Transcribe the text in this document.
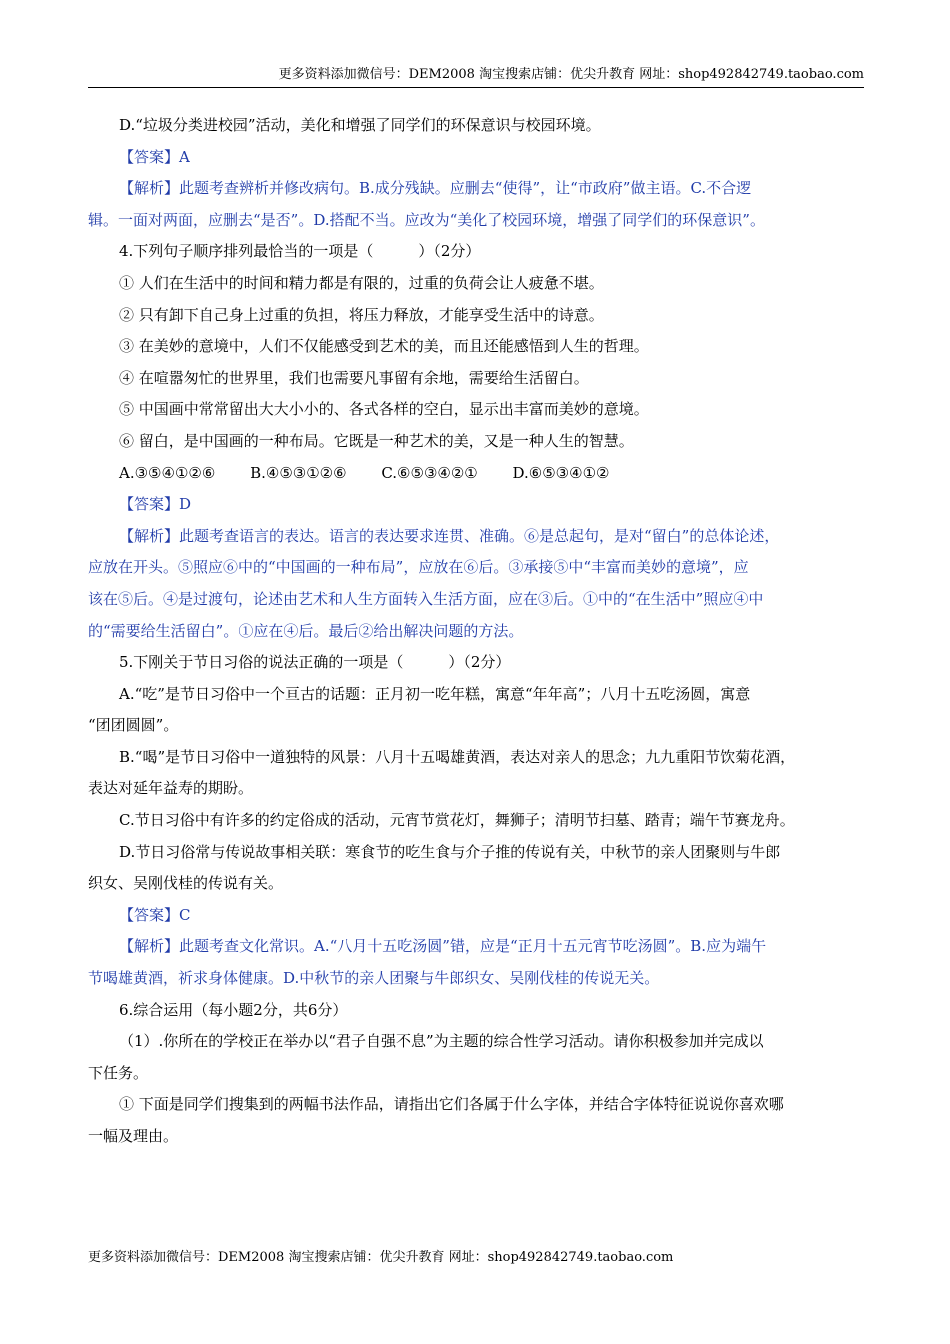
更多资料添加微信号：DEM2008 淘宝搜索店铺：优尖升教育 网址：shop492842749.taobao.com
D.“垃圾分类进校园”活动，美化和增强了同学们的环保意识与校园环境。
【答案】A
【解析】此题考查辨析并修改病句。B.成分残缺。应删去“使得”，让“市政府”做主语。C.不合逻
辑。一面对两面，应删去“是否”。D.搭配不当。应改为“美化了校园环境，增强了同学们的环保意识”。
4.下列句子顺序排列最恰当的一项是（　　　）（2分）
① 人们在生活中的时间和精力都是有限的，过重的负荷会让人疲惫不堪。
② 只有卸下自己身上过重的负担，将压力释放，才能享受生活中的诗意。
③ 在美妙的意境中，人们不仅能感受到艺术的美，而且还能感悟到人生的哲理。
④ 在喧嚣匆忙的世界里，我们也需要凡事留有余地，需要给生活留白。
⑤ 中国画中常常留出大大小小的、各式各样的空白，显示出丰富而美妙的意境。
⑥ 留白，是中国画的一种布局。它既是一种艺术的美，又是一种人生的智慧。
A.③⑤④①②⑥ B.④⑤③①②⑥ C.⑥⑤③④②① D.⑥⑤③④①②
【答案】D
【解析】此题考查语言的表达。语言的表达要求连贯、准确。⑥是总起句，是对“留白”的总体论述，
应放在开头。⑤照应⑥中的“中国画的一种布局”，应放在⑥后。③承接⑤中“丰富而美妙的意境”，应
该在⑤后。④是过渡句，论述由艺术和人生方面转入生活方面，应在③后。①中的“在生活中”照应④中
的“需要给生活留白”。①应在④后。最后②给出解决问题的方法。
5.下刚关于节日习俗的说法正确的一项是（　　　）（2分）
A.“吃”是节日习俗中一个亘古的话题：正月初一吃年糕，寓意“年年高”；八月十五吃汤圆，寓意
“团团圆圆”。
B.“喝”是节日习俗中一道独特的风景：八月十五喝雄黄酒，表达对亲人的思念；九九重阳节饮菊花酒，
表达对延年益寿的期盼。
C.节日习俗中有许多的约定俗成的活动，元宵节赏花灯，舞狮子；清明节扫墓、踏青；端午节赛龙舟。
D.节日习俗常与传说故事相关联：寒食节的吃生食与介子推的传说有关，中秋节的亲人团聚则与牛郎
织女、吴刚伐桂的传说有关。
【答案】C
【解析】此题考查文化常识。A.“八月十五吃汤圆”错，应是“正月十五元宵节吃汤圆”。B.应为端午
节喝雄黄酒，祈求身体健康。D.中秋节的亲人团聚与牛郎织女、吴刚伐桂的传说无关。
6.综合运用（每小题2分，共6分）
（1）.你所在的学校正在举办以“君子自强不息”为主题的综合性学习活动。请你积极参加并完成以
下任务。
① 下面是同学们搜集到的两幅书法作品，请指出它们各属于什么字体，并结合字体特征说说你喜欢哪
一幅及理由。
更多资料添加微信号：DEM2008 淘宝搜索店铺：优尖升教育 网址：shop492842749.taobao.com
